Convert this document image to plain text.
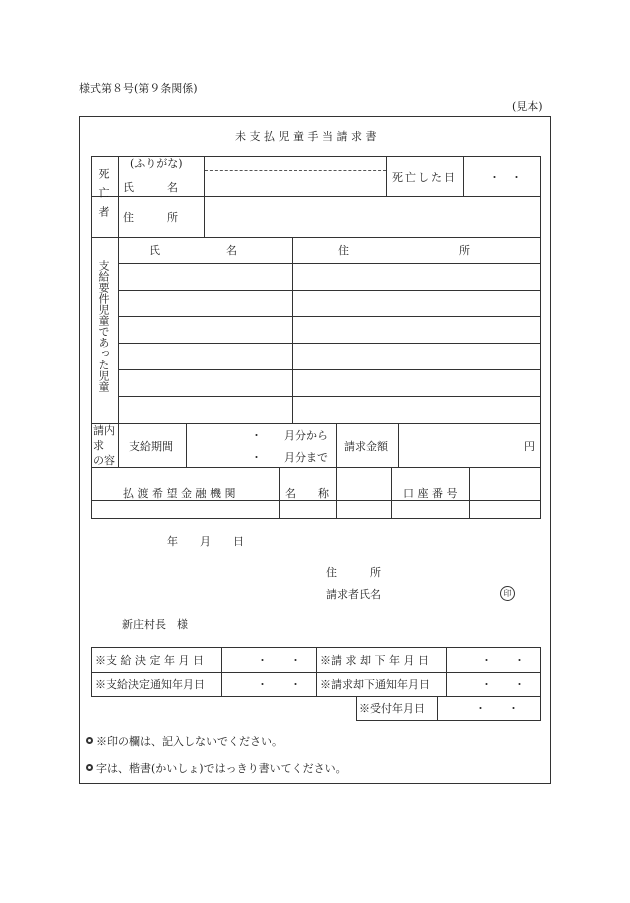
様式第８号(第９条関係)
(見本)
未 支 払 児 童 手 当 請 求 書
死亡者
(ふりがな)
氏　　　名
住　　　所
死亡した日	・　・
支給要件児童であった児童
氏　　　　　　名	住　　　　　　　　　　所
請内
求
の容
支給期間
・　　月分から
・　　月分まで
請求金額	円
払 渡 希 望 金 融 機 関	名　　称	口 座 番 号
年　　月　　日
住　　　所
請求者氏名	印
新庄村長　様
※支 給 決 定 年 月 日	・　　・ ※請 求 却 下 年 月 日	・　　・
※支給決定通知年月日	・　　・ ※請求却下通知年月日	・　　・
※受付年月日	・　　・
※印の欄は、記入しないでください。
字は、楷書(かいしょ)ではっきり書いてください。
